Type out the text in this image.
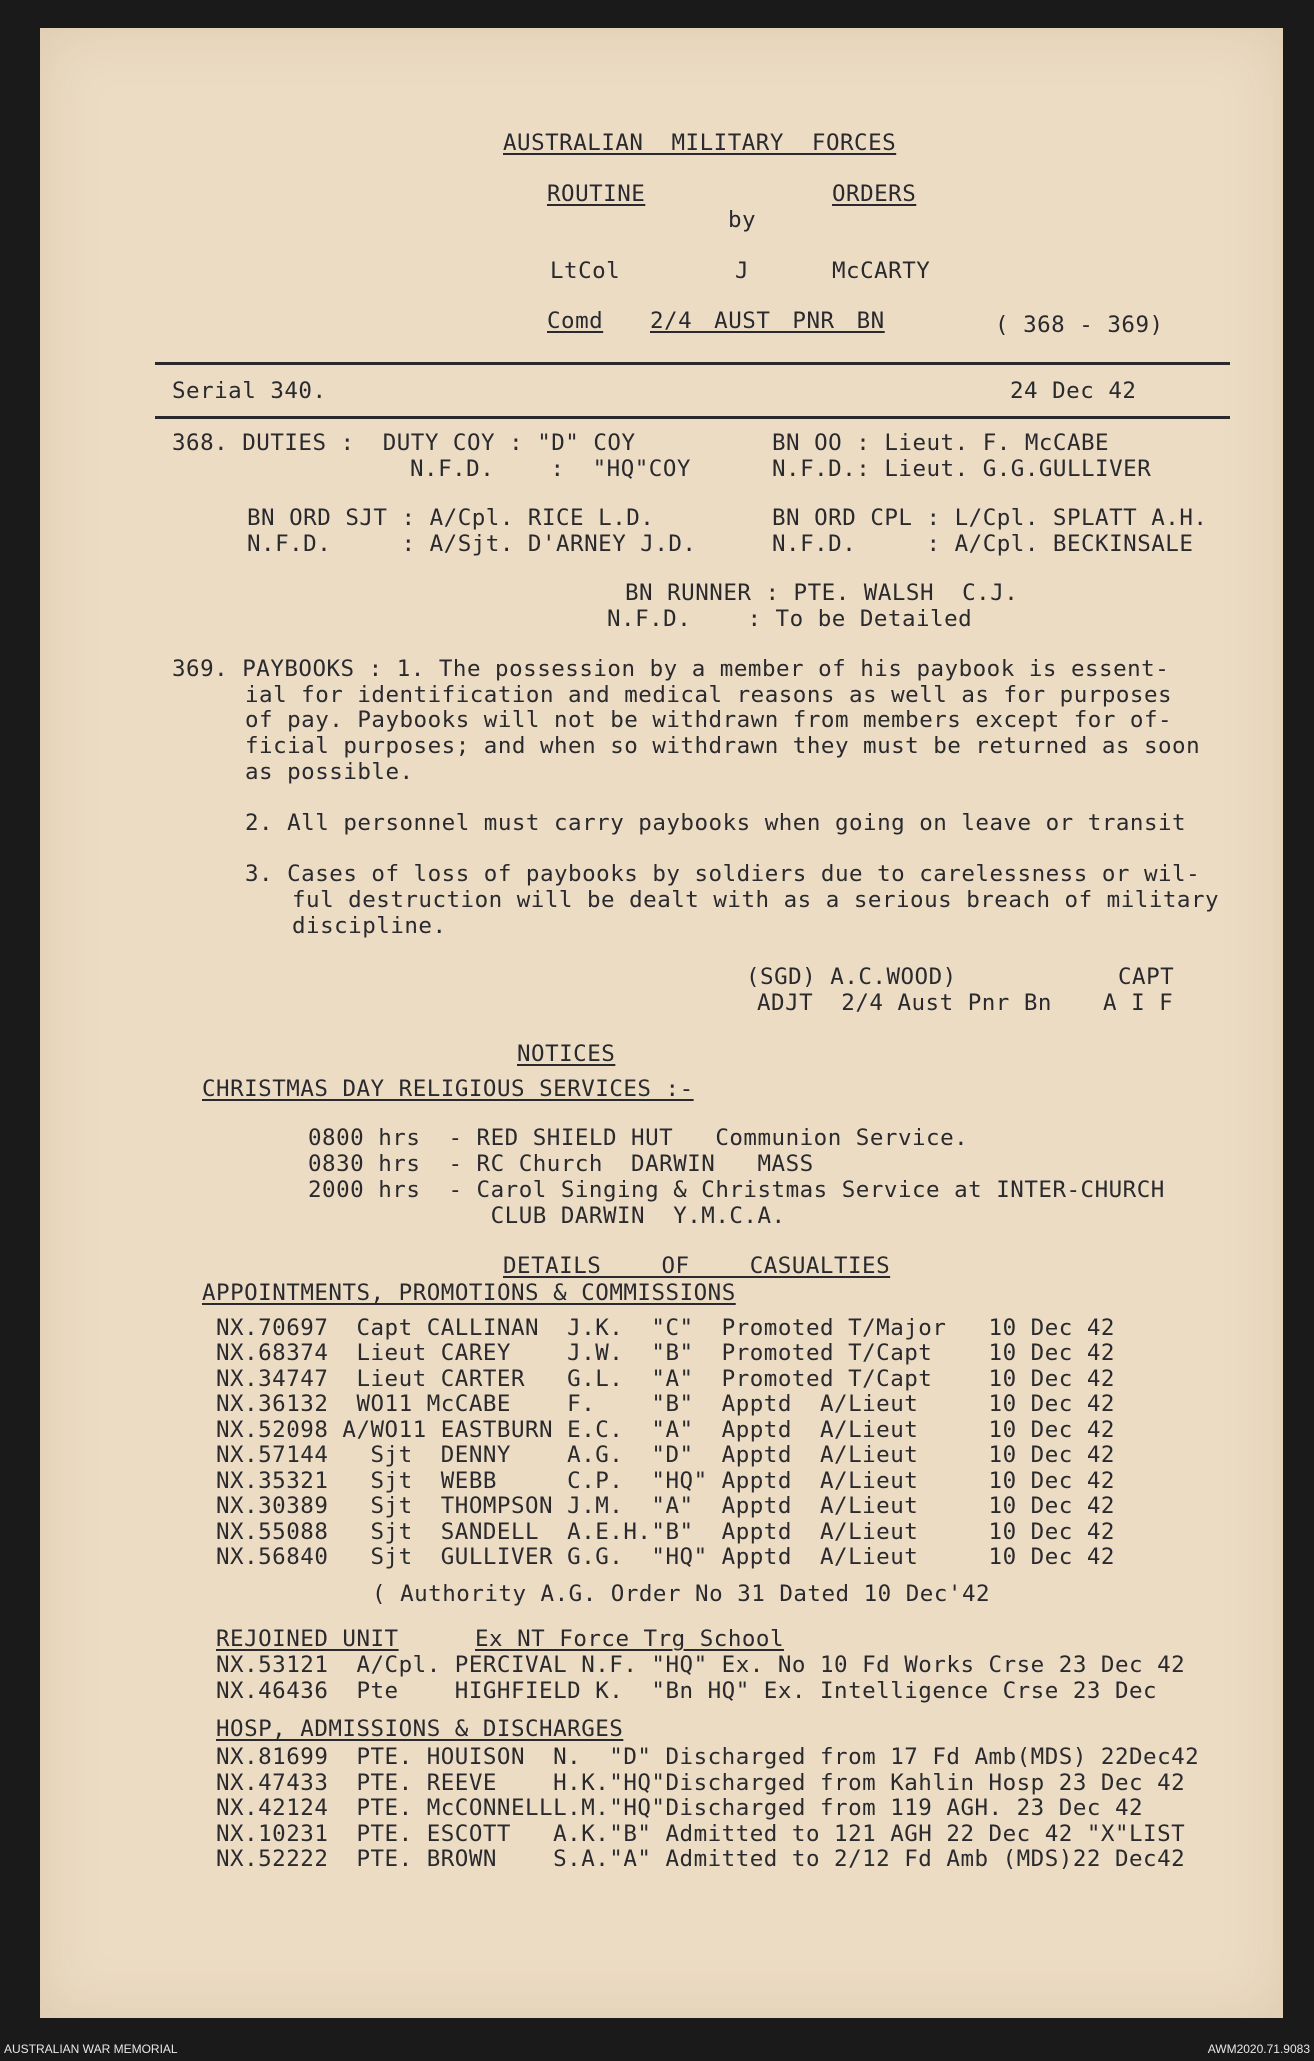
AUSTRALIAN MILITARY FORCES
ROUTINE	ORDERS
by
LtCol	J	McCARTY
Comd 2/4 AUST PNR BN	( 368 - 369)
Serial 340.	24 Dec 42
368. DUTIES :  DUTY COY : "D" COY	BN OO : Lieut. F. McCABE
N.F.D.    :  "HQ"COY	N.F.D.: Lieut. G.G.GULLIVER
BN ORD SJT : A/Cpl. RICE L.D.	BN ORD CPL : L/Cpl. SPLATT A.H.
N.F.D.     : A/Sjt. D'ARNEY J.D.	N.F.D.     : A/Cpl. BECKINSALE
BN RUNNER : PTE. WALSH  C.J.
N.F.D.    : To be Detailed
369. PAYBOOKS : 1. The possession by a member of his paybook is essent-
ial for identification and medical reasons as well as for purposes
of pay. Paybooks will not be withdrawn from members except for of-
ficial purposes; and when so withdrawn they must be returned as soon
as possible.
2. All personnel must carry paybooks when going on leave or transit
3. Cases of loss of paybooks by soldiers due to carelessness or wil-
ful destruction will be dealt with as a serious breach of military
discipline.
(SGD) A.C.WOOD)	CAPT
ADJT  2/4 Aust Pnr Bn A I F
NOTICES
CHRISTMAS DAY RELIGIOUS SERVICES :-
0800 hrs  - RED SHIELD HUT   Communion Service.
0830 hrs  - RC Church  DARWIN   MASS
2000 hrs  - Carol Singing & Christmas Service at INTER-CHURCH
CLUB DARWIN  Y.M.C.A.
DETAILS   OF   CASUALTIES
APPOINTMENTS, PROMOTIONS & COMMISSIONS
NX.70697  Capt CALLINAN  J.K.  "C"  Promoted T/Major   10 Dec 42
NX.68374  Lieut CAREY    J.W.  "B"  Promoted T/Capt    10 Dec 42
NX.34747  Lieut CARTER   G.L.  "A"  Promoted T/Capt    10 Dec 42
NX.36132  WO11 McCABE    F.    "B"  Apptd  A/Lieut     10 Dec 42
NX.52098 A/WO11 EASTBURN E.C.  "A"  Apptd  A/Lieut     10 Dec 42
NX.57144   Sjt  DENNY    A.G.  "D"  Apptd  A/Lieut     10 Dec 42
NX.35321   Sjt  WEBB     C.P.  "HQ" Apptd  A/Lieut     10 Dec 42
NX.30389   Sjt  THOMPSON J.M.  "A"  Apptd  A/Lieut     10 Dec 42
NX.55088   Sjt  SANDELL  A.E.H."B"  Apptd  A/Lieut     10 Dec 42
NX.56840   Sjt  GULLIVER G.G.  "HQ" Apptd  A/Lieut     10 Dec 42
( Authority A.G. Order No 31 Dated 10 Dec'42
REJOINED UNIT	Ex NT Force Trg School
NX.53121  A/Cpl. PERCIVAL N.F. "HQ" Ex. No 10 Fd Works Crse 23 Dec 42
NX.46436  Pte    HIGHFIELD K.  "Bn HQ" Ex. Intelligence Crse 23 Dec
HOSP, ADMISSIONS & DISCHARGES
NX.81699  PTE. HOUISON  N.  "D" Discharged from 17 Fd Amb(MDS) 22Dec42
NX.47433  PTE. REEVE    H.K."HQ"Discharged from Kahlin Hosp 23 Dec 42
NX.42124  PTE. McCONNELLL.M."HQ"Discharged from 119 AGH. 23 Dec 42
NX.10231  PTE. ESCOTT   A.K."B" Admitted to 121 AGH 22 Dec 42 "X"LIST
NX.52222  PTE. BROWN    S.A."A" Admitted to 2/12 Fd Amb (MDS)22 Dec42
AUSTRALIAN WAR MEMORIAL	AWM2020.71.9083
